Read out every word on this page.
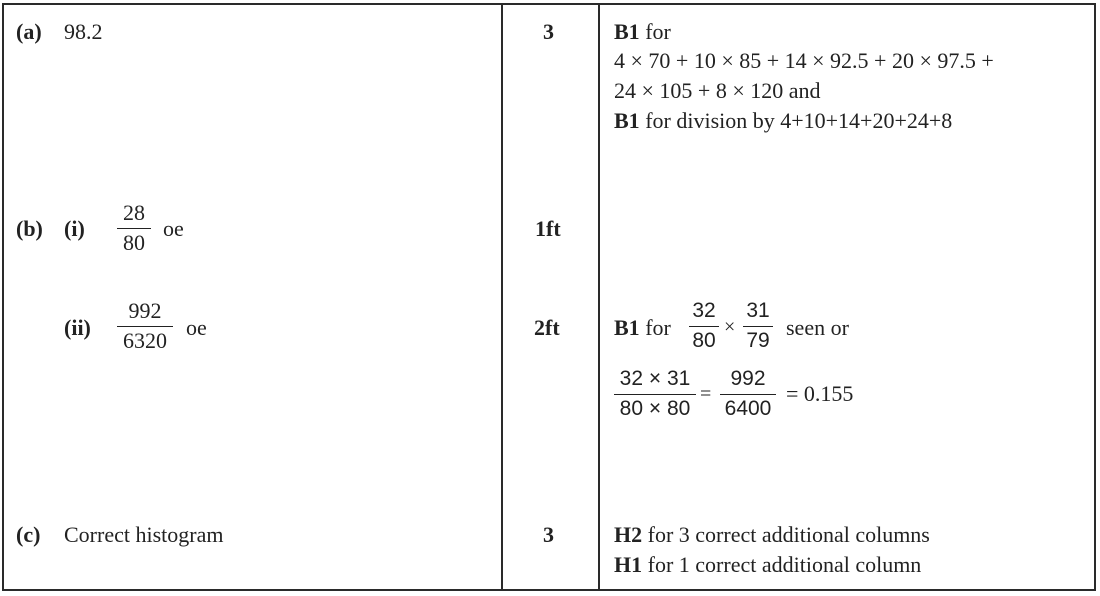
(a) 98.2	3	B1 for
4 × 70 + 10 × 85 + 14 × 92.5 + 20 × 97.5 +
24 × 105 + 8 × 120 and
B1 for division by 4+10+14+20+24+8
(b) (i)
28
80
oe	1ft
(ii)
992
6320
oe	2ft B1 for
32
80
×
31
79
seen or
32 × 31
80 × 80
=
992
6400
= 0.155
(c) Correct histogram	3	H2 for 3 correct additional columns
H1 for 1 correct additional column
